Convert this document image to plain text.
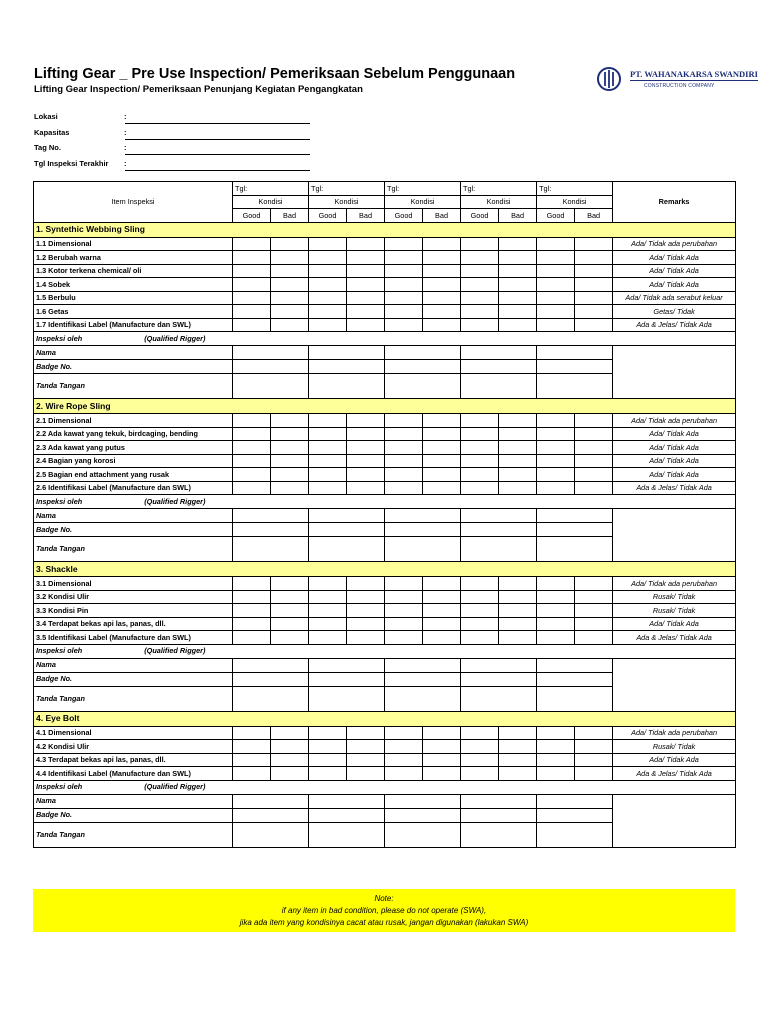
Lifting Gear _ Pre Use Inspection/ Pemeriksaan Sebelum Penggunaan
Lifting Gear Inspection/ Pemeriksaan Penunjang Kegiatan Pengangkatan
PT. WAHANAKARSA SWANDIRI
CONSTRUCTION COMPANY
Lokasi	:
Kapasitas	:
Tag No.	:
Tgl Inspeksi Terakhir :
Item Inspeksi	Tgl:		Tgl:		Tgl:		Tgl:		Tgl:		Remarks
	Kondisi		Kondisi		Kondisi		Kondisi		Kondisi		
	Good	Bad	Good	Bad	Good	Bad	Good	Bad	Good	Bad	
1. Syntethic Webbing Sling											
1.1 Dimensional											Ada/ Tidak ada perubahan
1.2 Berubah warna											Ada/ Tidak Ada
1.3 Kotor terkena chemical/ oli											Ada/ Tidak Ada
1.4 Sobek											Ada/ Tidak Ada
1.5 Berbulu											Ada/ Tidak ada serabut keluar
1.6 Getas											Getas/ Tidak
1.7 Identifikasi Label (Manufacture dan SWL)											Ada & Jelas/ Tidak Ada
Inspeksi oleh (Qualified Rigger)											
Nama											
Badge No.											
Tanda Tangan											
2. Wire Rope Sling											
2.1 Dimensional											Ada/ Tidak ada perubahan
2.2 Ada kawat yang tekuk, birdcaging, bending											Ada/ Tidak Ada
2.3 Ada kawat yang putus											Ada/ Tidak Ada
2.4 Bagian yang korosi											Ada/ Tidak Ada
2.5 Bagian end attachment yang rusak											Ada/ Tidak Ada
2.6 Identifikasi Label (Manufacture dan SWL)											Ada & Jelas/ Tidak Ada
Inspeksi oleh (Qualified Rigger)											
Nama											
Badge No.											
Tanda Tangan											
3. Shackle											
3.1 Dimensional											Ada/ Tidak ada perubahan
3.2 Kondisi Ulir											Rusak/ Tidak
3.3 Kondisi Pin											Rusak/ Tidak
3.4 Terdapat bekas api las, panas, dll.											Ada/ Tidak Ada
3.5 Identifikasi Label (Manufacture dan SWL)											Ada & Jelas/ Tidak Ada
Inspeksi oleh (Qualified Rigger)											
Nama											
Badge No.											
Tanda Tangan											
4. Eye Bolt											
4.1 Dimensional											Ada/ Tidak ada perubahan
4.2 Kondisi Ulir											Rusak/ Tidak
4.3 Terdapat bekas api las, panas, dll.											Ada/ Tidak Ada
4.4 Identifikasi Label (Manufacture dan SWL)											Ada & Jelas/ Tidak Ada
Inspeksi oleh (Qualified Rigger)											
Nama											
Badge No.											
Tanda Tangan											
Note:
if any item in bad condition, please do not operate (SWA),
jika ada item yang kondisinya cacat atau rusak, jangan digunakan (lakukan SWA)
